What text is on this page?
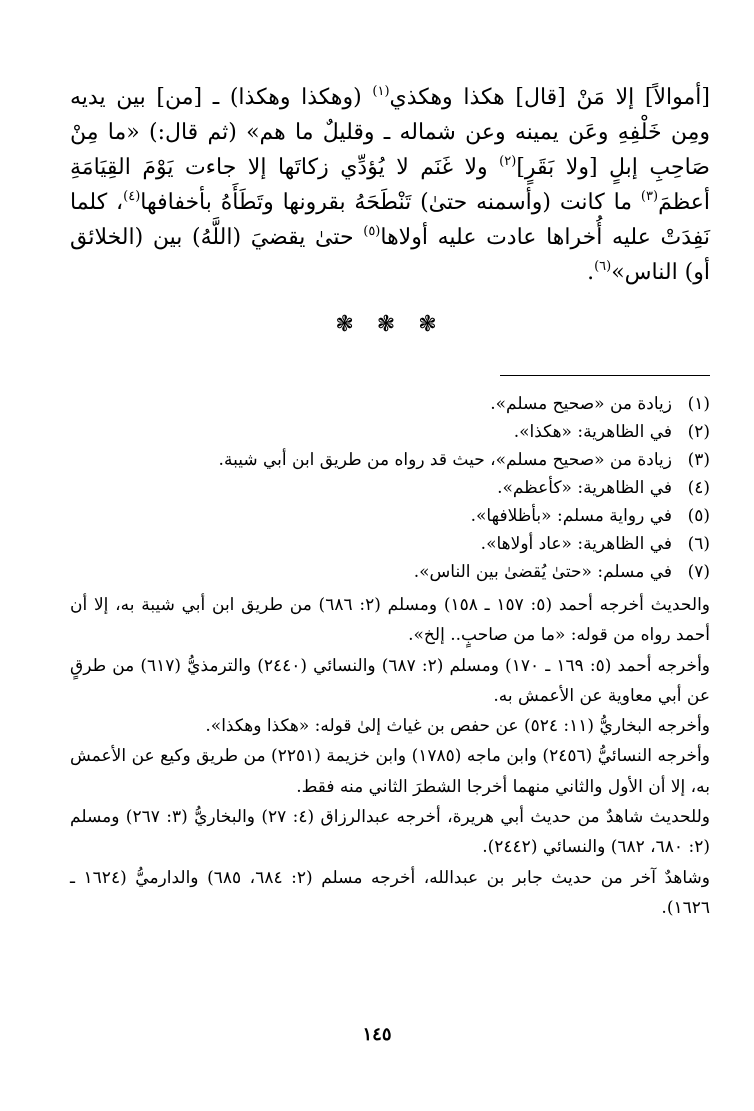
[أموالاً] إلا مَنْ [قال] هكذا وهكذي$^{(١)}$ (وهكذا وهكذا) ـ [من] بين يديه ومِن خَلْفِهِ وعَن يمينه وعن شماله ـ وقليلٌ ما هم» (ثم قال:) «ما مِنْ صَاحِبِ إبلٍ [ولا بَقَرٍ]$^{(٢)}$ ولا غَنَم لا يُؤدِّي زكاتَها إلا جاءت يَوْمَ القِيَامَةِ أعظمَ$^{(٣)}$ ما كانت (وأسمنه حتىٰ) تَنْطَحَهُ بقرونها وتَطَأَهُ بأخفافها$^{(٤)}$، كلما نَفِدَتْ عليه أُخراها عادت عليه أولاها$^{(٥)}$ حتىٰ يقضيَ (اللَّهُ) بين (الخلائق أو) الناس»$^{(٦)}$.

❃ ❃ ❃

(١)زيادة من «صحيح مسلم».

(٢)في الظاهرية: «هكذا».

(٣)زيادة من «صحيح مسلم»، حيث قد رواه من طريق ابن أبي شيبة.

(٤)في الظاهرية: «كأعظم».

(٥)في رواية مسلم: «بأظلافها».

(٦)في الظاهرية: «عاد أولاها».

(٧)في مسلم: «حتىٰ يُقضىٰ بين الناس».

والحديث أخرجه أحمد (٥: ١٥٧ ـ ١٥٨) ومسلم (٢: ٦٨٦) من طريق ابن أبي شيبة به، إلا أن أحمد رواه من قوله: «ما من صاحبٍ.. إلخ».

وأخرجه أحمد (٥: ١٦٩ ـ ١٧٠) ومسلم (٢: ٦٨٧) والنسائي (٢٤٤٠) والترمذيُّ (٦١٧) من طرقٍ عن أبي معاوية عن الأعمش به.

وأخرجه البخاريُّ (١١: ٥٢٤) عن حفص بن غياث إلىٰ قوله: «هكذا وهكذا».

وأخرجه النسائيُّ (٢٤٥٦) وابن ماجه (١٧٨٥) وابن خزيمة (٢٢٥١) من طريق وكيع عن الأعمش به، إلا أن الأول والثاني منهما أخرجا الشطرَ الثاني منه فقط.

وللحديث شاهدٌ من حديث أبي هريرة، أخرجه عبدالرزاق (٤: ٢٧) والبخاريُّ (٣: ٢٦٧) ومسلم (٢: ٦٨٠، ٦٨٢) والنسائي (٢٤٤٢).

وشاهدٌ آخر من حديث جابر بن عبدالله، أخرجه مسلم (٢: ٦٨٤، ٦٨٥) والدارميُّ (١٦٢٤ ـ ١٦٢٦).

١٤٥
